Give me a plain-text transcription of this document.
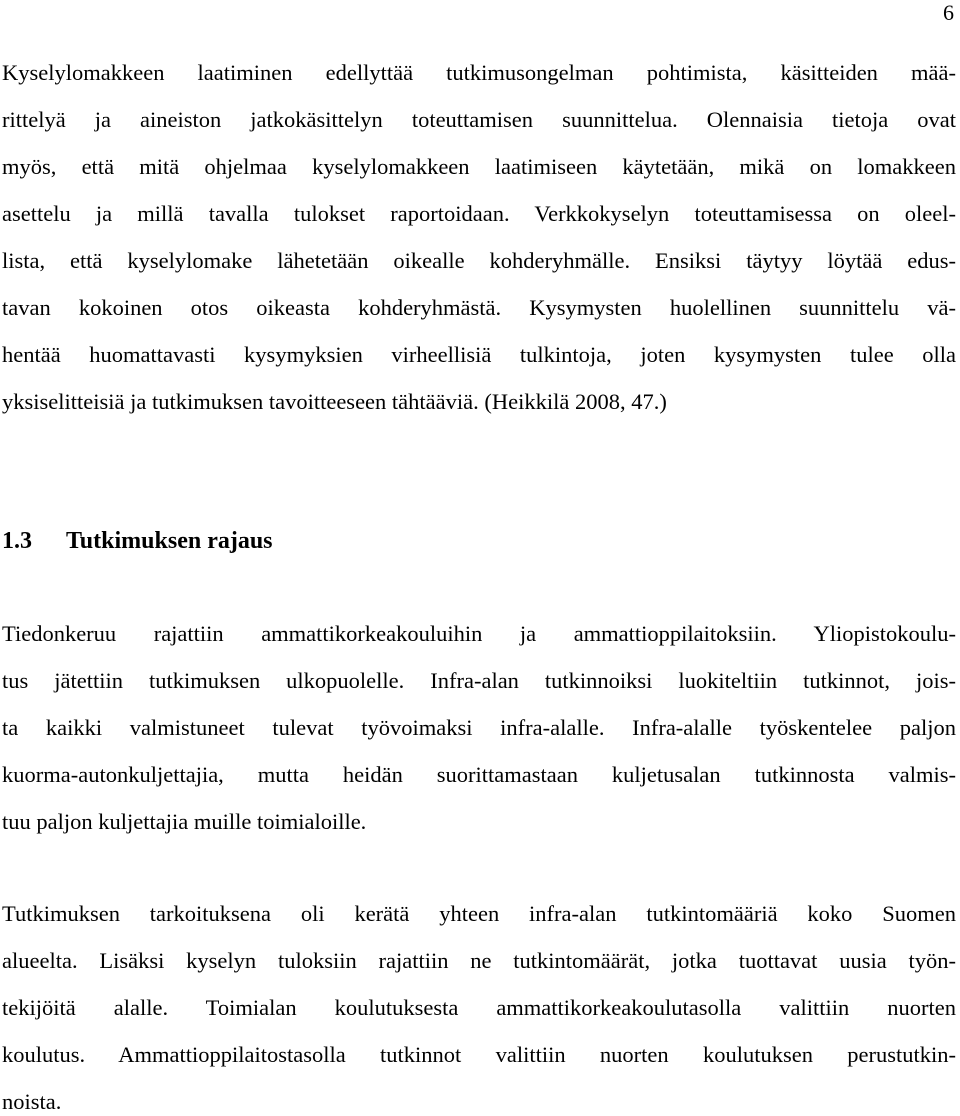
6
Kyselylomakkeen laatiminen edellyttää tutkimusongelman pohtimista, käsitteiden mää-
rittelyä ja aineiston jatkokäsittelyn toteuttamisen suunnittelua. Olennaisia tietoja ovat
myös, että mitä ohjelmaa kyselylomakkeen laatimiseen käytetään, mikä on lomakkeen
asettelu ja millä tavalla tulokset raportoidaan. Verkkokyselyn toteuttamisessa on oleel-
lista, että kyselylomake lähetetään oikealle kohderyhmälle. Ensiksi täytyy löytää edus-
tavan kokoinen otos oikeasta kohderyhmästä. Kysymysten huolellinen suunnittelu vä-
hentää huomattavasti kysymyksien virheellisiä tulkintoja, joten kysymysten tulee olla
yksiselitteisiä ja tutkimuksen tavoitteeseen tähtääviä. (Heikkilä 2008, 47.)
1.3 Tutkimuksen rajaus
Tiedonkeruu rajattiin ammattikorkeakouluihin ja ammattioppilaitoksiin. Yliopistokoulu-
tus jätettiin tutkimuksen ulkopuolelle. Infra-alan tutkinnoiksi luokiteltiin tutkinnot, jois-
ta kaikki valmistuneet tulevat työvoimaksi infra-alalle. Infra-alalle työskentelee paljon
kuorma-autonkuljettajia, mutta heidän suorittamastaan kuljetusalan tutkinnosta valmis-
tuu paljon kuljettajia muille toimialoille.
Tutkimuksen tarkoituksena oli kerätä yhteen infra-alan tutkintomääriä koko Suomen
alueelta. Lisäksi kyselyn tuloksiin rajattiin ne tutkintomäärät, jotka tuottavat uusia työn-
tekijöitä alalle. Toimialan koulutuksesta ammattikorkeakoulutasolla valittiin nuorten
koulutus. Ammattioppilaitostasolla tutkinnot valittiin nuorten koulutuksen perustutkin-
noista.
